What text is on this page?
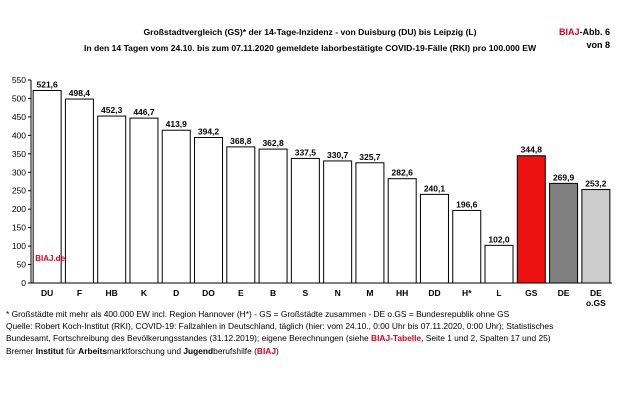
Großstadtvergleich (GS)* der 14-Tage-Inzidenz - von Duisburg (DU) bis Leipzig (L)
In den 14 Tagen vom 24.10. bis zum 07.11.2020 gemeldete laborbestätigte COVID-19-Fälle (RKI) pro 100.000 EW
BIAJ-Abb. 6
von 8
0
50
100
150
200
250
300
350
400
450
500
550 521,6
DU
498,4
F
452,3
HB
446,7
K
413,9
D
394,2
DO
368,8
E
362,8
B
337,5
S
330,7
N
325,7
M
282,6
HH
240,1
DD
196,6
H*
102,0
L
344,8
GS
269,9
DE
253,2
DE
o.GS
BIAJ.de
* Großstädte mit mehr als 400.000 EW incl. Region Hannover (H*) - GS = Großstädte zusammen - DE o.GS = Bundesrepublik ohne GS
Quelle: Robert Koch-Institut (RKI), COVID-19: Fallzahlen in Deutschland, täglich (hier: vom 24.10., 0:00 Uhr bis 07.11.2020, 0:00 Uhr); Statistisches
Bundesamt, Fortschreibung des Bevölkerungsstandes (31.12.2019); eigene Berechnungen (siehe BIAJ-Tabelle, Seite 1 und 2, Spalten 17 und 25)
Bremer Institut für Arbeitsmarktforschung und Jugendberufshilfe (BIAJ)
